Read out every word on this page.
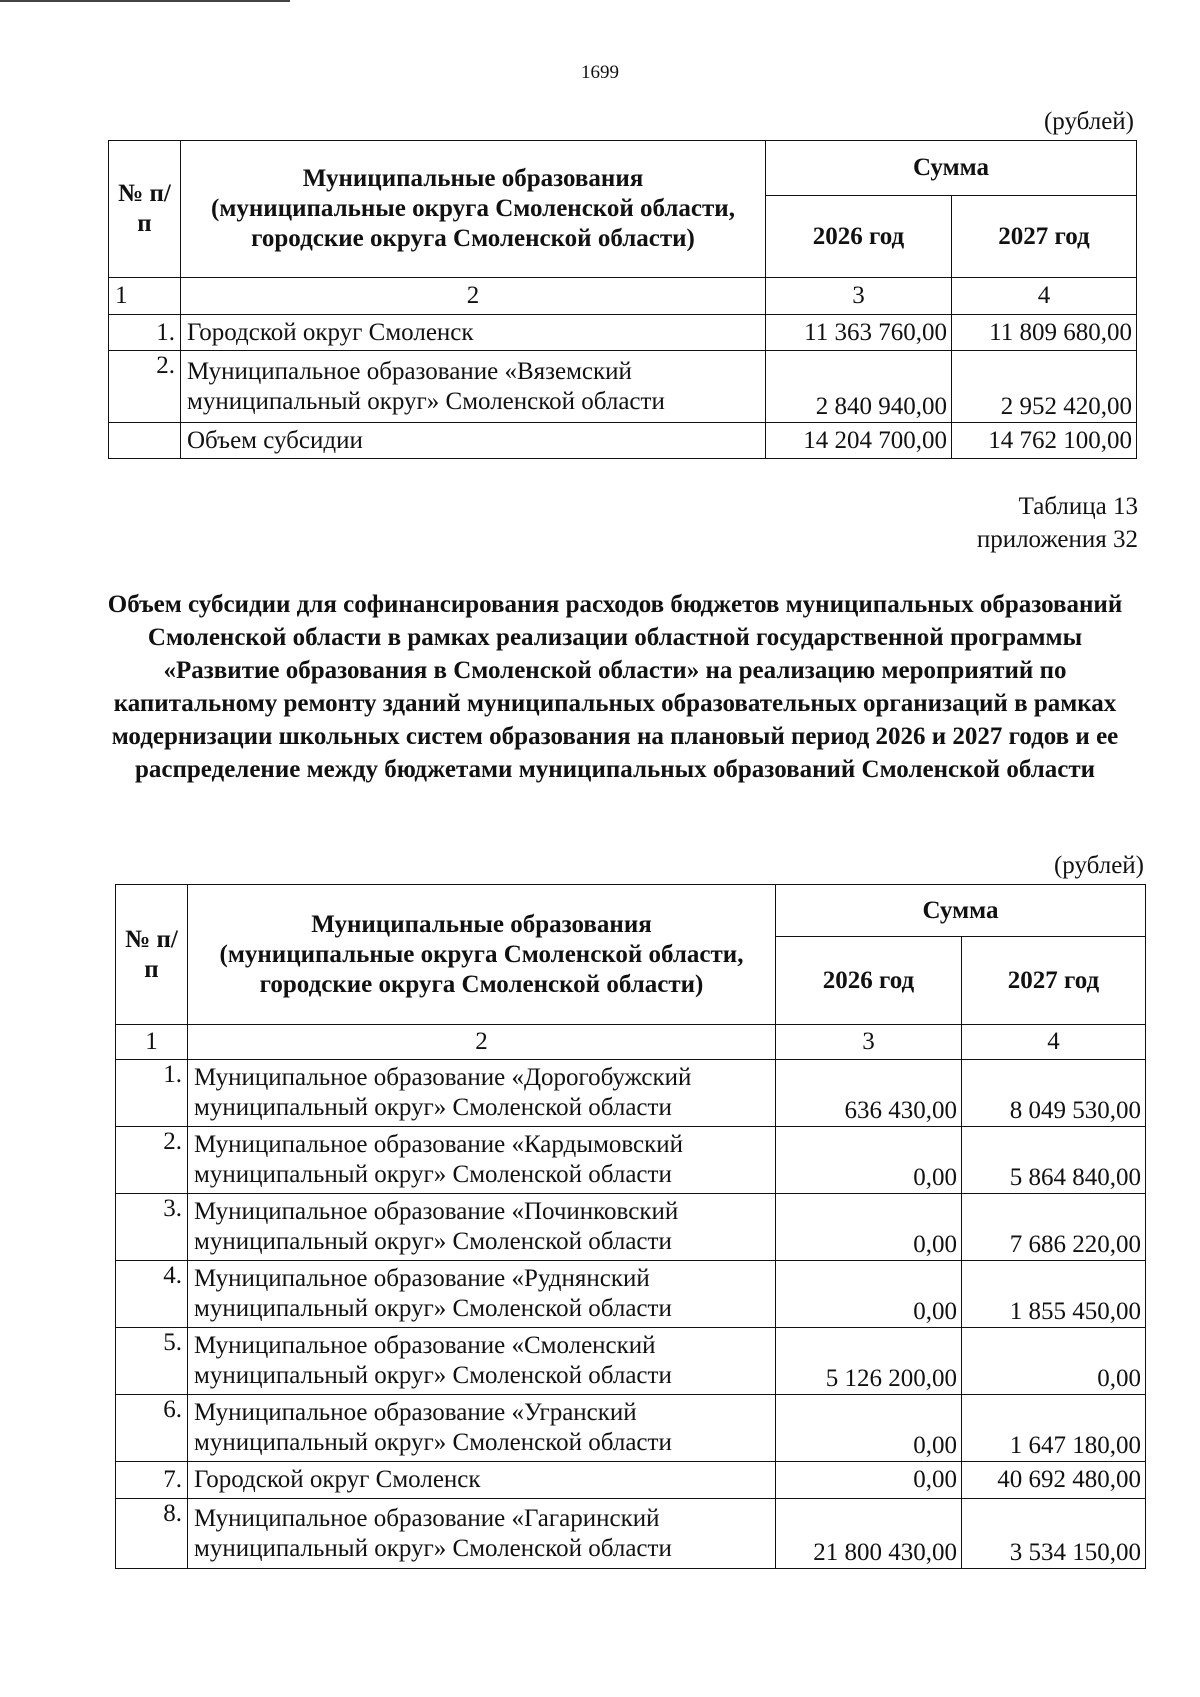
1699
(рублей)
№ п/п	Муниципальные образования (муниципальные округа Смоленской области, городские округа Смоленской области)	Сумма	
		2026 год	2027 год
1	2	3	4
1.	Городской округ Смоленск	11 363 760,00	11 809 680,00
2.	Муниципальное образование «Вяземский муниципальный округ» Смоленской области	2 840 940,00	2 952 420,00
	Объем субсидии	14 204 700,00	14 762 100,00
Таблица 13
приложения 32
Объем субсидии для софинансирования расходов бюджетов муниципальных образований Смоленской области в рамках реализации областной государственной программы «Развитие образования в Смоленской области» на реализацию мероприятий по капитальному ремонту зданий муниципальных образовательных организаций в рамках модернизации школьных систем образования на плановый период 2026 и 2027 годов и ее распределение между бюджетами муниципальных образований Смоленской области
(рублей)
№ п/п	Муниципальные образования (муниципальные округа Смоленской области, городские округа Смоленской области)	Сумма	
		2026 год	2027 год
1	2	3	4
1.	Муниципальное образование «Дорогобужский муниципальный округ» Смоленской области	636 430,00	8 049 530,00
2.	Муниципальное образование «Кардымовский муниципальный округ» Смоленской области	0,00	5 864 840,00
3.	Муниципальное образование «Починковский муниципальный округ» Смоленской области	0,00	7 686 220,00
4.	Муниципальное образование «Руднянский муниципальный округ» Смоленской области	0,00	1 855 450,00
5.	Муниципальное образование «Смоленский муниципальный округ» Смоленской области	5 126 200,00	0,00
6.	Муниципальное образование «Угранский муниципальный округ» Смоленской области	0,00	1 647 180,00
7.	Городской округ Смоленск	0,00	40 692 480,00
8.	Муниципальное образование «Гагаринский муниципальный округ» Смоленской области	21 800 430,00	3 534 150,00
